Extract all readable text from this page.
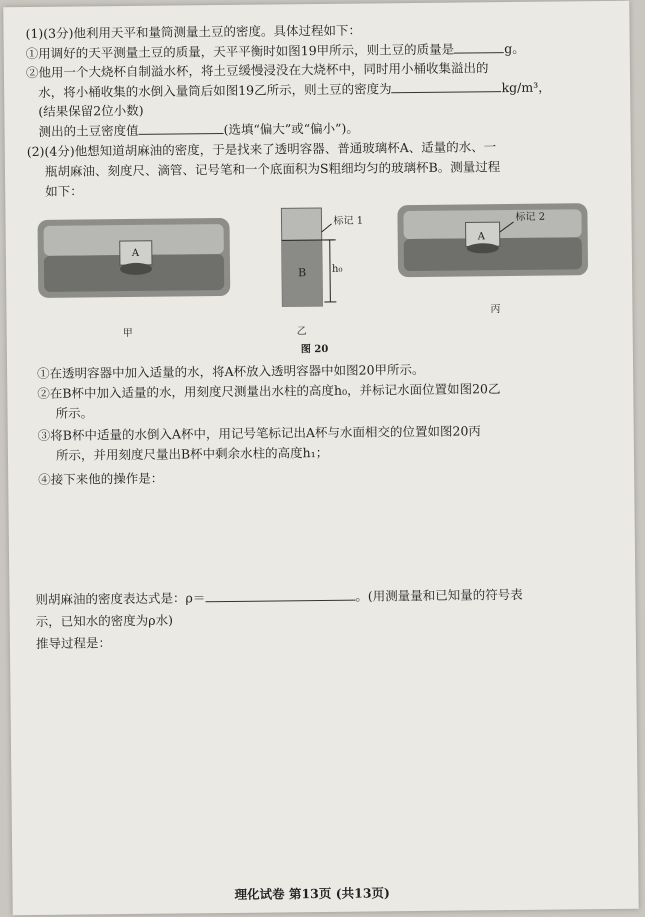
(1)(3分)他利用天平和量筒测量土豆的密度。具体过程如下：
①用调好的天平测量土豆的质量，天平平衡时如图19甲所示，则土豆的质量是	g。
②他用一个大烧杯自制溢水杯，将土豆缓慢浸没在大烧杯中，同时用小桶收集溢出的
水，将小桶收集的水倒入量筒后如图19乙所示，则土豆的密度为	kg/m³，
(结果保留2位小数)
测出的土豆密度值	(选填“偏大”或“偏小”)。
(2)(4分)他想知道胡麻油的密度，于是找来了透明容器、普通玻璃杯A、适量的水、一
瓶胡麻油、刻度尺、滴管、记号笔和一个底面积为S粗细均匀的玻璃杯B。测量过程
如下：
A
甲
B	h₀
标记 1
乙
A
标记 2
丙
图 20
①在透明容器中加入适量的水，将A杯放入透明容器中如图20甲所示。
②在B杯中加入适量的水，用刻度尺测量出水柱的高度h₀，并标记水面位置如图20乙
所示。
③将B杯中适量的水倒入A杯中，用记号笔标记出A杯与水面相交的位置如图20丙
所示，并用刻度尺量出B杯中剩余水柱的高度h₁；
④接下来他的操作是：
则胡麻油的密度表达式是：ρ＝	。(用测量量和已知量的符号表
示，已知水的密度为ρ水)
推导过程是：
理化试卷 第13页 (共13页)
